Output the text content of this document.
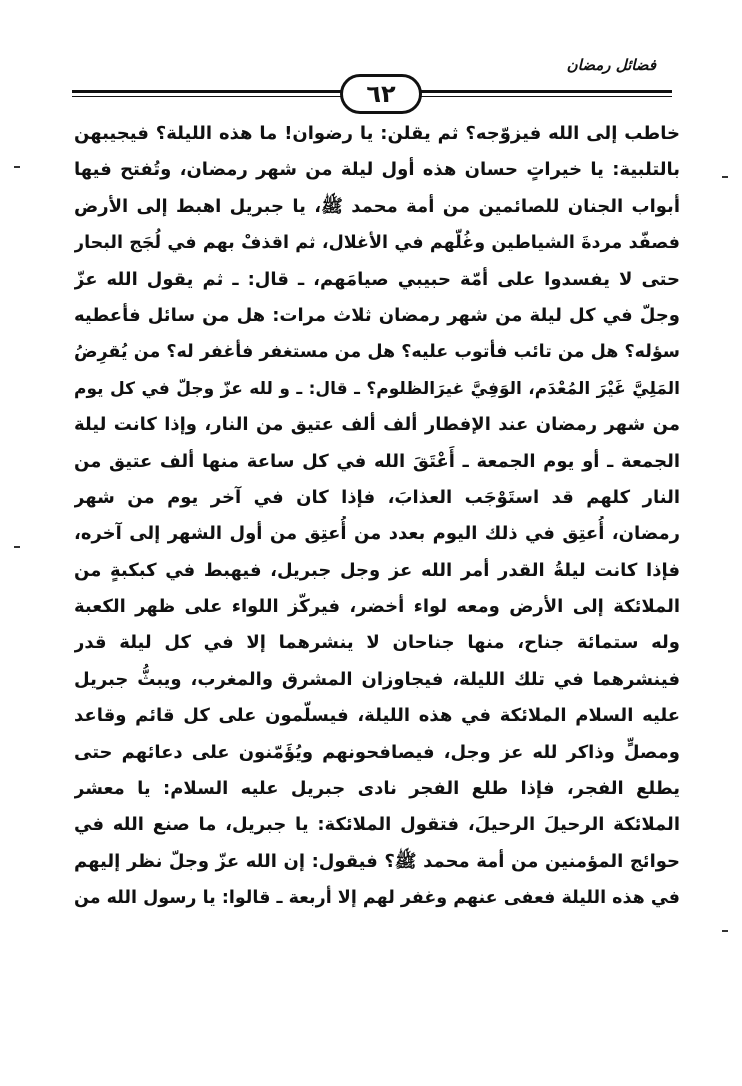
فضائل رمضان
٦٢
خاطب إلى الله فيزوّجه؟ ثم يقلن: يا رضوان! ما هذه الليلة؟ فيجيبهن
بالتلبية: يا خيراتٍ حسان هذه أول ليلة من شهر رمضان، وتُفتح فيها
أبواب الجنان للصائمين من أمة محمد ﷺ، يا جبريل اهبط إلى الأرض
فصفّد مردةَ الشياطين وغُلّهم في الأغلال، ثم اقذفْ بهم في لُجَج البحار
حتى لا يفسدوا على أمّة حبيبي صيامَهم، ـ قال: ـ ثم يقول الله عزّ
وجلّ في كل ليلة من شهر رمضان ثلاث مرات: هل من سائل فأعطيه
سؤله؟ هل من تائب فأتوب عليه؟ هل من مستغفر فأغفر له؟ من يُقرِضُ
المَلِيَّ غَيْرَ المُعْدَم، الوَفِيَّ غيرَالظلوم؟ ـ قال: ـ و لله عزّ وجلّ في كل يوم
من شهر رمضان عند الإفطار ألف ألف عتيق من النار، وإذا كانت ليلة
الجمعة ـ أو يوم الجمعة ـ أَعْتَقَ الله في كل ساعة منها ألف عتيق من
النار كلهم قد استَوْجَب العذابَ، فإذا كان في آخر يوم من شهر
رمضان، أُعتِق في ذلك اليوم بعدد من أُعتِق من أول الشهر إلى آخره،
فإذا كانت ليلةُ القدر أمر الله عز وجل جبريل، فيهبط في كبكبةٍ من
الملائكة إلى الأرض ومعه لواء أخضر، فيركّز اللواء على ظهر الكعبة
وله ستمائة جناح، منها جناحان لا ينشرهما إلا في كل ليلة قدر
فينشرهما في تلك الليلة، فيجاوزان المشرق والمغرب، ويبثُّ جبريل
عليه السلام الملائكة في هذه الليلة، فيسلّمون على كل قائم وقاعد
ومصلٍّ وذاكر لله عز وجل، فيصافحونهم ويُؤَمّنون على دعائهم حتى
يطلع الفجر، فإذا طلع الفجر نادى جبريل عليه السلام: يا معشر
الملائكة الرحيلَ الرحيلَ، فتقول الملائكة: يا جبريل، ما صنع الله في
حوائج المؤمنين من أمة محمد ﷺ؟ فيقول: إن الله عزّ وجلّ نظر إليهم
في هذه الليلة فعفى عنهم وغفر لهم إلا أربعة ـ قالوا: يا رسول الله من
